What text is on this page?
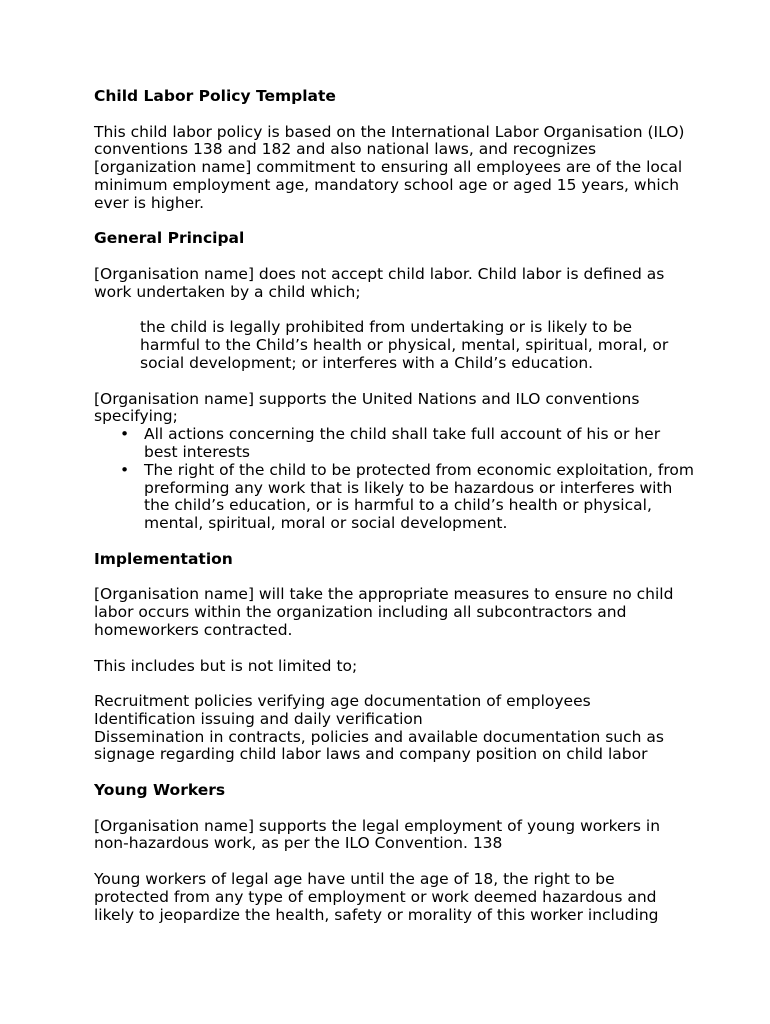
Child Labor Policy Template

This child labor policy is based on the International Labor Organisation (ILO) conventions 138 and 182 and also national laws, and recognizes [organization name] commitment to ensuring all employees are of the local minimum employment age, mandatory school age or aged 15 years, which ever is higher.

General Principal

[Organisation name] does not accept child labor. Child labor is defined as work undertaken by a child which;

the child is legally prohibited from undertaking or is likely to be harmful to the Child’s health or physical, mental, spiritual, moral, or social development; or interferes with a Child’s education.

[Organisation name] supports the United Nations and ILO conventions specifying;

• All actions concerning the child shall take full account of his or her best interests
• The right of the child to be protected from economic exploitation, from preforming any work that is likely to be hazardous or interferes with the child’s education, or is harmful to a child’s health or physical, mental, spiritual, moral or social development.

Implementation

[Organisation name] will take the appropriate measures to ensure no child labor occurs within the organization including all subcontractors and homeworkers contracted.

This includes but is not limited to;

Recruitment policies verifying age documentation of employees

Identification issuing and daily verification

Dissemination in contracts, policies and available documentation such as signage regarding child labor laws and company position on child labor

Young Workers

[Organisation name] supports the legal employment of young workers in non-hazardous work, as per the ILO Convention. 138

Young workers of legal age have until the age of 18, the right to be protected from any type of employment or work deemed hazardous and likely to jeopardize the health, safety or morality of this worker including
